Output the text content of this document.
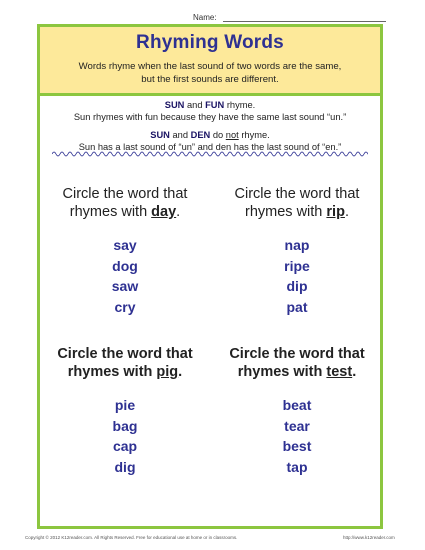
Name:
Rhyming Words
Words rhyme when the last sound of two words are the same,
but the first sounds are different.

SUN and FUN rhyme.
Sun rhymes with fun because they have the same last sound “un.”

SUN and DEN do not rhyme.
Sun has a last sound of “un” and den has the last sound of “en.”

Circle the word that
rhymes with day.
say
dog
saw
cry
Circle the word that
rhymes with rip.
nap
ripe
dip
pat
Circle the word that
rhymes with pig.
pie
bag
cap
dig
Circle the word that
rhymes with test.
beat
tear
best
tap
Copyright © 2012 K12reader.com. All Rights Reserved. Free for educational use at home or in classrooms.	http://www.k12reader.com
